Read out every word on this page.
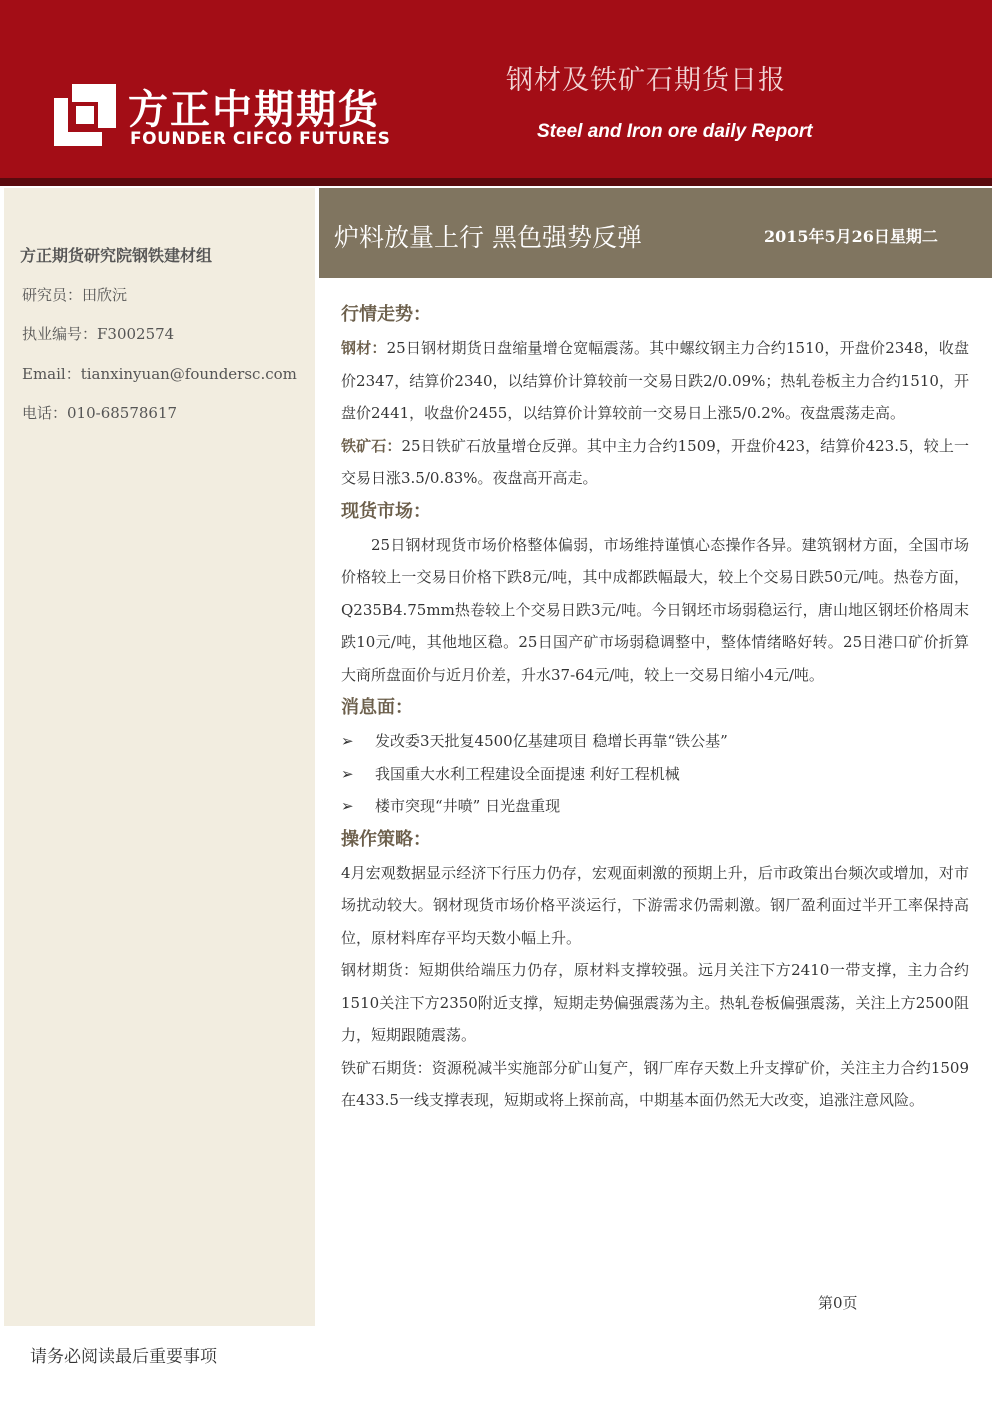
方正中期期货
FOUNDER CIFCO FUTURES
钢材及铁矿石期货日报
Steel and Iron ore daily Report
方正期货研究院钢铁建材组
研究员：田欣沅
执业编号：F3002574
Email：tianxinyuan@foundersc.com
电话：010-68578617
炉料放量上行 黑色强势反弹	2015年5月26日星期二
行情走势：

钢材：25日钢材期货日盘缩量增仓宽幅震荡。其中螺纹钢主力合约1510，开盘价2348，收盘价2347，结算价2340，以结算价计算较前一交易日跌2/0.09%；热轧卷板主力合约1510，开盘价2441，收盘价2455，以结算价计算较前一交易日上涨5/0.2%。夜盘震荡走高。

铁矿石：25日铁矿石放量增仓反弹。其中主力合约1509，开盘价423，结算价423.5，较上一交易日涨3.5/0.83%。夜盘高开高走。

现货市场：

25日钢材现货市场价格整体偏弱，市场维持谨慎心态操作各异。建筑钢材方面，全国市场价格较上一交易日价格下跌8元/吨，其中成都跌幅最大，较上个交易日跌50元/吨。热卷方面，Q235B4.75mm热卷较上个交易日跌3元/吨。今日钢坯市场弱稳运行，唐山地区钢坯价格周末跌10元/吨，其他地区稳。25日国产矿市场弱稳调整中，整体情绪略好转。25日港口矿价折算大商所盘面价与近月价差，升水37-64元/吨，较上一交易日缩小4元/吨。

消息面：
➢ 发改委3天批复4500亿基建项目 稳增长再靠“铁公基”
➢ 我国重大水利工程建设全面提速 利好工程机械
➢ 楼市突现“井喷” 日光盘重现
操作策略：

4月宏观数据显示经济下行压力仍存，宏观面刺激的预期上升，后市政策出台频次或增加，对市场扰动较大。钢材现货市场价格平淡运行，下游需求仍需刺激。钢厂盈利面过半开工率保持高位，原材料库存平均天数小幅上升。

钢材期货：短期供给端压力仍存，原材料支撑较强。远月关注下方2410一带支撑，主力合约1510关注下方2350附近支撑，短期走势偏强震荡为主。热轧卷板偏强震荡，关注上方2500阻力，短期跟随震荡。

铁矿石期货：资源税减半实施部分矿山复产，钢厂库存天数上升支撑矿价，关注主力合约1509在433.5一线支撑表现，短期或将上探前高，中期基本面仍然无大改变，追涨注意风险。

第0页
请务必阅读最后重要事项
